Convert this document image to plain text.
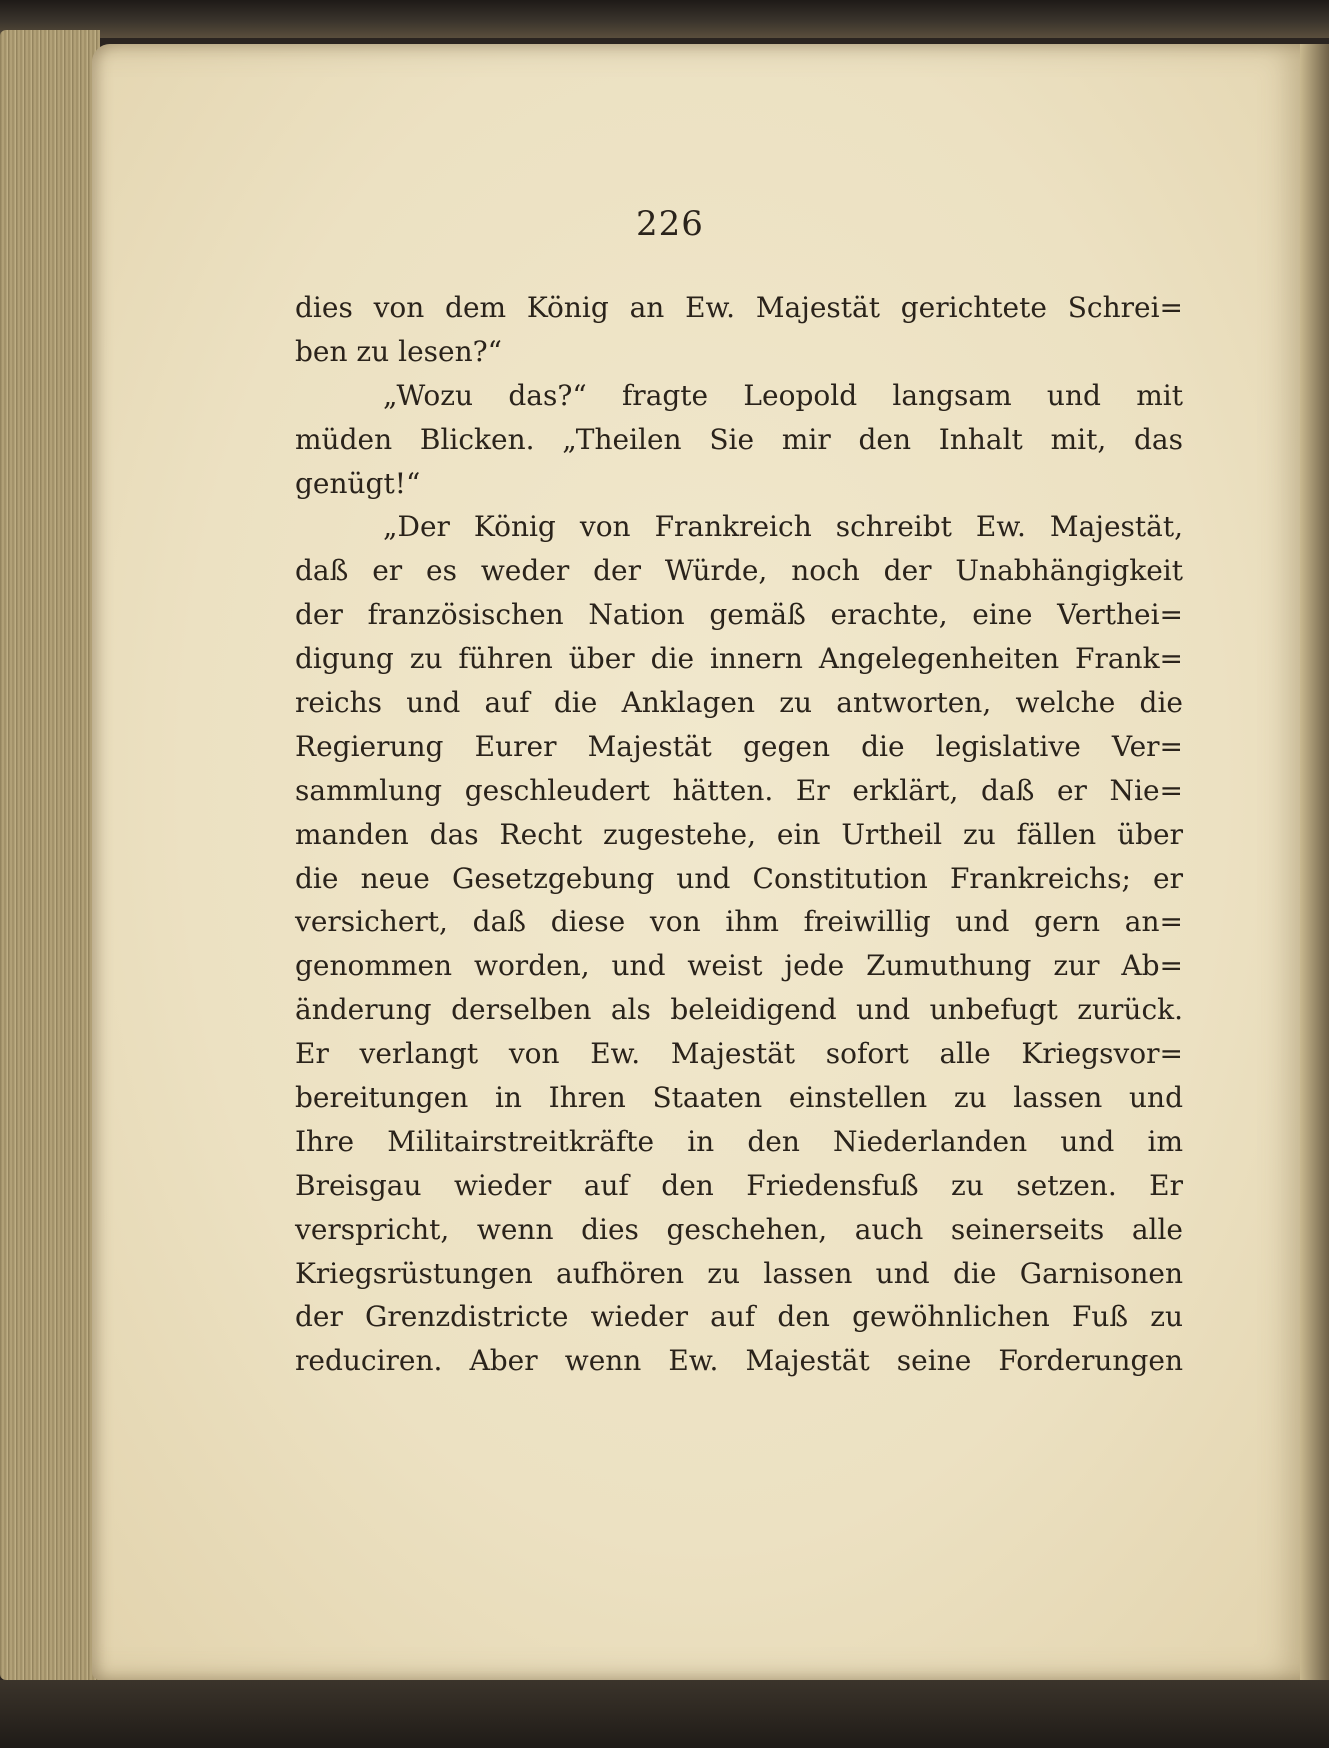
226
dies von dem König an Ew. Majestät gerichtete Schrei=
ben zu lesen?“
„Wozu das?“ fragte Leopold langsam und mit
müden Blicken. „Theilen Sie mir den Inhalt mit, das
genügt!“
„Der König von Frankreich schreibt Ew. Majestät,
daß er es weder der Würde, noch der Unabhängigkeit
der französischen Nation gemäß erachte, eine Verthei=
digung zu führen über die innern Angelegenheiten Frank=
reichs und auf die Anklagen zu antworten, welche die
Regierung Eurer Majestät gegen die legislative Ver=
sammlung geschleudert hätten. Er erklärt, daß er Nie=
manden das Recht zugestehe, ein Urtheil zu fällen über
die neue Gesetzgebung und Constitution Frankreichs; er
versichert, daß diese von ihm freiwillig und gern an=
genommen worden, und weist jede Zumuthung zur Ab=
änderung derselben als beleidigend und unbefugt zurück.
Er verlangt von Ew. Majestät sofort alle Kriegsvor=
bereitungen in Ihren Staaten einstellen zu lassen und
Ihre Militairstreitkräfte in den Niederlanden und im
Breisgau wieder auf den Friedensfuß zu setzen. Er
verspricht, wenn dies geschehen, auch seinerseits alle
Kriegsrüstungen aufhören zu lassen und die Garnisonen
der Grenzdistricte wieder auf den gewöhnlichen Fuß zu
reduciren. Aber wenn Ew. Majestät seine Forderungen
